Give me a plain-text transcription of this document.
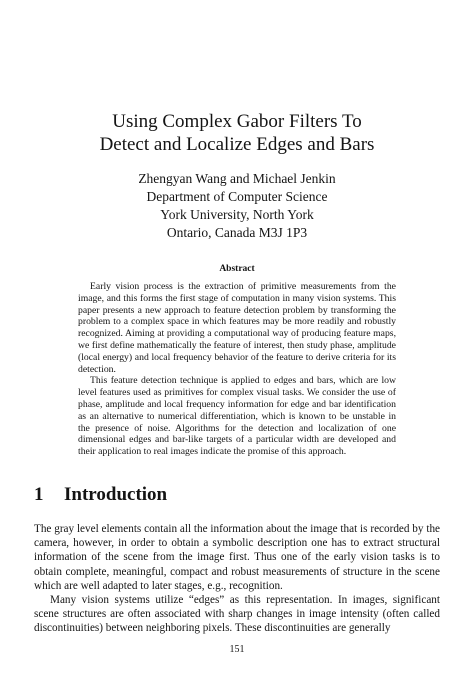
Using Complex Gabor Filters To
Detect and Localize Edges and Bars
Zhengyan Wang and Michael Jenkin
Department of Computer Science
York University, North York
Ontario, Canada M3J 1P3
Abstract

Early vision process is the extraction of primitive measurements from the image, and this forms the first stage of computation in many vision systems. This paper presents a new approach to feature detection problem by transforming the problem to a complex space in which features may be more readily and robustly recognized. Aiming at providing a computational way of producing feature maps, we first define mathematically the feature of interest, then study phase, amplitude (local energy) and local frequency behavior of the feature to derive criteria for its detection.

This feature detection technique is applied to edges and bars, which are low level features used as primitives for complex visual tasks. We consider the use of phase, amplitude and local frequency information for edge and bar identification as an alternative to numerical differentiation, which is known to be unstable in the presence of noise. Algorithms for the detection and localization of one dimensional edges and bar-like targets of a particular width are developed and their application to real images indicate the promise of this approach.

1 Introduction

The gray level elements contain all the information about the image that is recorded by the camera, however, in order to obtain a symbolic description one has to extract structural information of the scene from the image first. Thus one of the early vision tasks is to obtain complete, meaningful, compact and robust measurements of structure in the scene which are well adapted to later stages, e.g., recognition.

Many vision systems utilize “edges” as this representation. In images, significant scene structures are often associated with sharp changes in image intensity (often called discontinuities) between neighboring pixels. These discontinuities are generally

151
